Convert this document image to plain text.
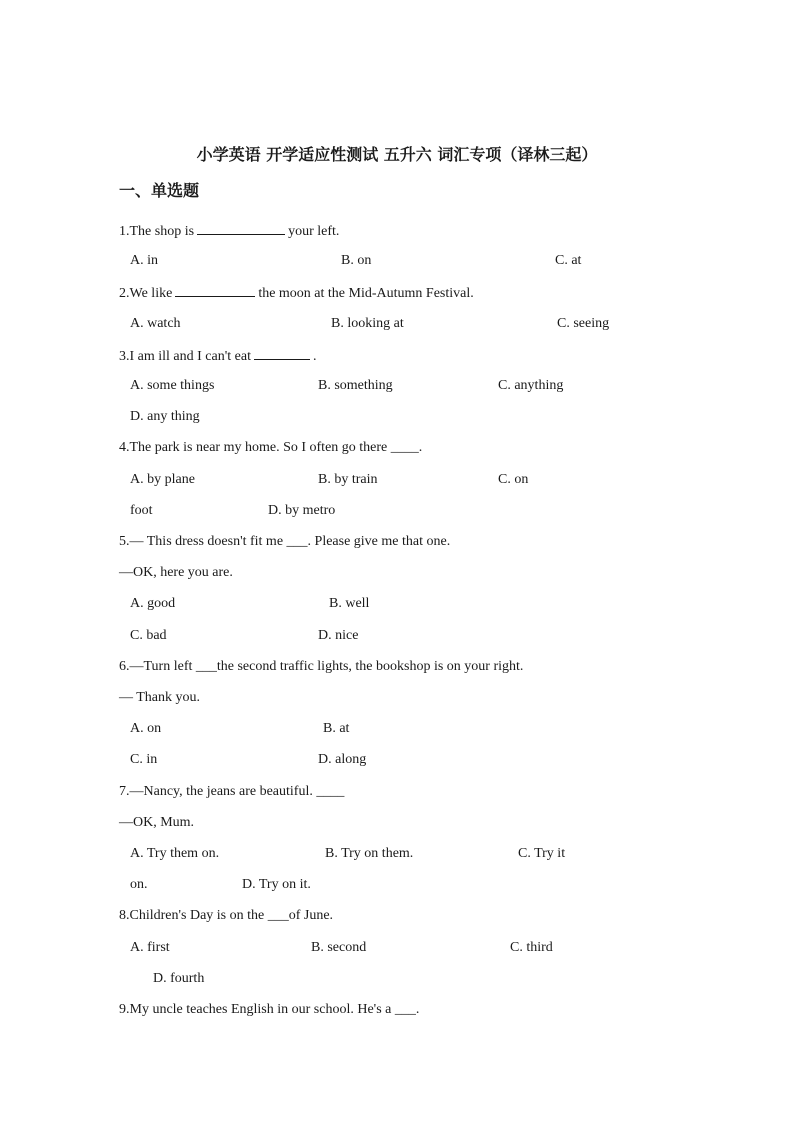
小学英语 开学适应性测试 五升六 词汇专项（译林三起）
一、单选题
1.The shop is	your left.
A. in	B. on	C. at
2.We like	the moon at the Mid-Autumn Festival.
A. watch	B. looking at	C. seeing
3.I am ill and I can't eat	.
A. some things	B. something	C. anything
D. any thing
4.The park is near my home. So I often go there ____.
A. by plane	B. by train	C. on
foot	D. by metro
5.— This dress doesn't fit me ___. Please give me that one.
—OK, here you are.
A. good	B. well
C. bad	D. nice
6.—Turn left ___the second traffic lights, the bookshop is on your right.
— Thank you.
A. on	B. at
C. in	D. along
7.—Nancy, the jeans are beautiful. ____
—OK, Mum.
A. Try them on.	B. Try on them.	C. Try it
on.	D. Try on it.
8.Children's Day is on the ___of June.
A. first	B. second	C. third
D. fourth
9.My uncle teaches English in our school. He's a ___.
